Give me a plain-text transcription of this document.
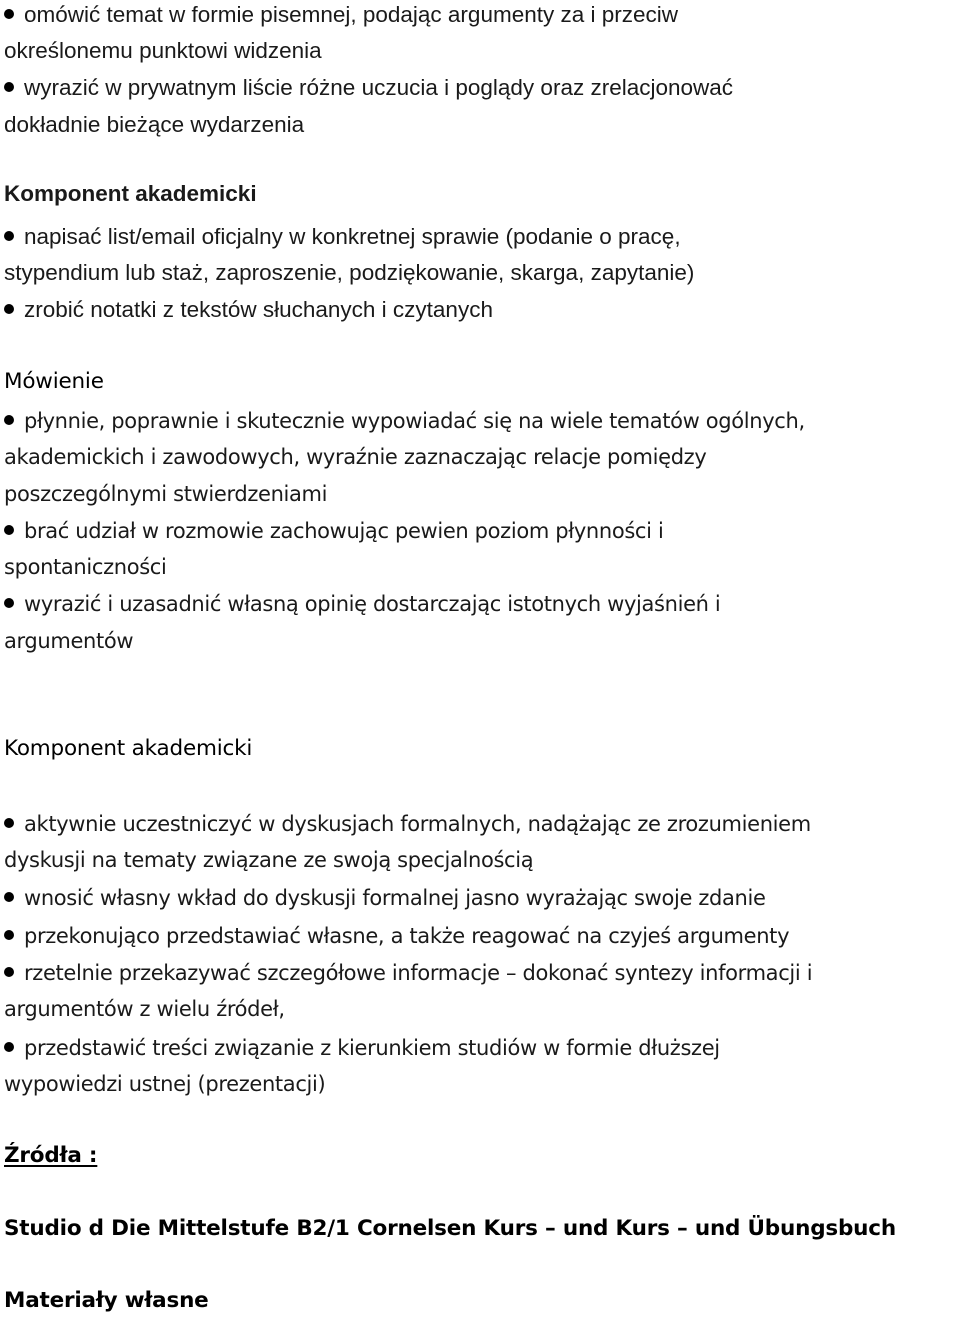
omówić temat w formie pisemnej, podając argumenty za i przeciw
określonemu punktowi widzenia
wyrazić w prywatnym liście różne uczucia i poglądy oraz zrelacjonować
dokładnie bieżące wydarzenia
Komponent akademicki
napisać list/email oficjalny w konkretnej sprawie (podanie o pracę,
stypendium lub staż, zaproszenie, podziękowanie, skarga, zapytanie)
zrobić notatki z tekstów słuchanych i czytanych
Mówienie
płynnie, poprawnie i skutecznie wypowiadać się na wiele tematów ogólnych,
akademickich i zawodowych, wyraźnie zaznaczając relacje pomiędzy
poszczególnymi stwierdzeniami
brać udział w rozmowie zachowując pewien poziom płynności i
spontaniczności
wyrazić i uzasadnić własną opinię dostarczając istotnych wyjaśnień i
argumentów
Komponent akademicki
aktywnie uczestniczyć w dyskusjach formalnych, nadążając ze zrozumieniem
dyskusji na tematy związane ze swoją specjalnością
wnosić własny wkład do dyskusji formalnej jasno wyrażając swoje zdanie
przekonująco przedstawiać własne, a także reagować na czyjeś argumenty
rzetelnie przekazywać szczegółowe informacje – dokonać syntezy informacji i
argumentów z wielu źródeł,
przedstawić treści związanie z kierunkiem studiów w formie dłuższej
wypowiedzi ustnej (prezentacji)
Źródła :
Studio d Die Mittelstufe B2/1 Cornelsen Kurs – und Kurs – und Übungsbuch
Materiały własne
